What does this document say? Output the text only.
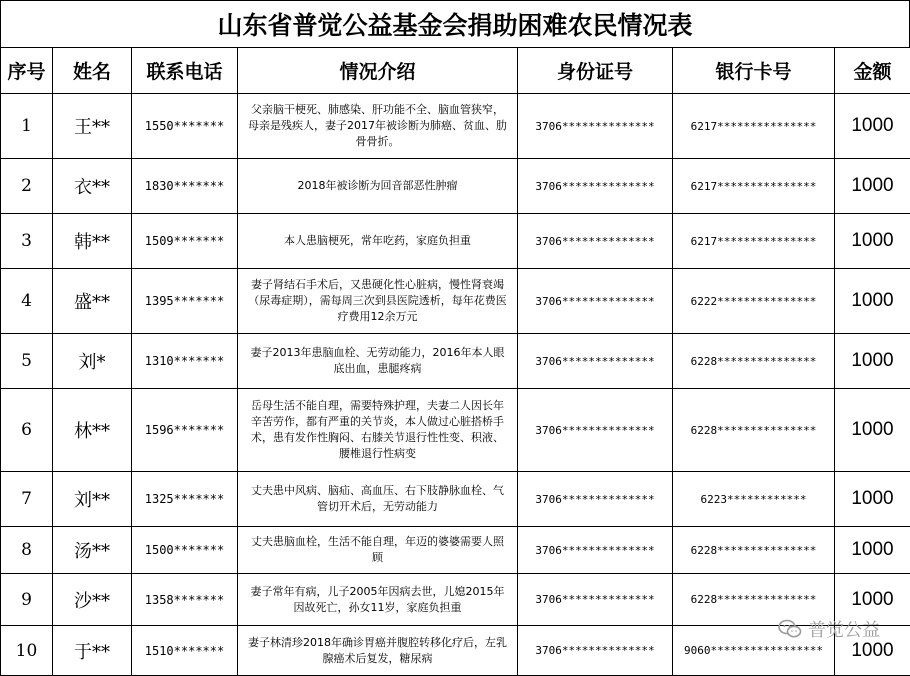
山东省普觉公益基金会捐助困难农民情况表
序号	姓名	联系电话	情况介绍	身份证号	银行卡号	金额
1	王**	1550*******	父亲脑干梗死、肺感染、肝功能不全、脑血管狭窄，母亲是残疾人，妻子2017年被诊断为肺癌、贫血、肋骨骨折。	3706**************	6217***************	1000
2	衣**	1830*******	2018年被诊断为回音部恶性肿瘤	3706**************	6217***************	1000
3	韩**	1509*******	本人患脑梗死，常年吃药，家庭负担重	3706**************	6217***************	1000
4	盛**	1395*******	妻子肾结石手术后，又患硬化性心脏病，慢性肾衰竭（尿毒症期），需每周三次到县医院透析，每年花费医疗费用12余万元	3706**************	6222***************	1000
5	刘*	1310*******	妻子2013年患脑血栓、无劳动能力，2016年本人眼底出血，患腿疼病	3706**************	6228***************	1000
6	林**	1596*******	岳母生活不能自理，需要特殊护理，夫妻二人因长年辛苦劳作，都有严重的关节炎，本人做过心脏搭桥手术，患有发作性胸闷、右膝关节退行性性变、积液、腰椎退行性病变	3706**************	6228***************	1000
7	刘**	1325*******	丈夫患中风病、脑疝、高血压、右下肢静脉血栓、气管切开术后，无劳动能力	3706**************	6223************	1000
8	汤**	1500*******	丈夫患脑血栓，生活不能自理，年迈的婆婆需要人照顾	3706**************	6228***************	1000
9	沙**	1358*******	妻子常年有病，儿子2005年因病去世，儿媳2015年因故死亡，孙女11岁，家庭负担重	3706**************	6228***************	1000
10	于**	1510*******	妻子林清珍2018年确诊胃癌并腹腔转移化疗后，左乳腺癌术后复发，糖尿病	3706**************	9060*****************	1000
普觉公益
